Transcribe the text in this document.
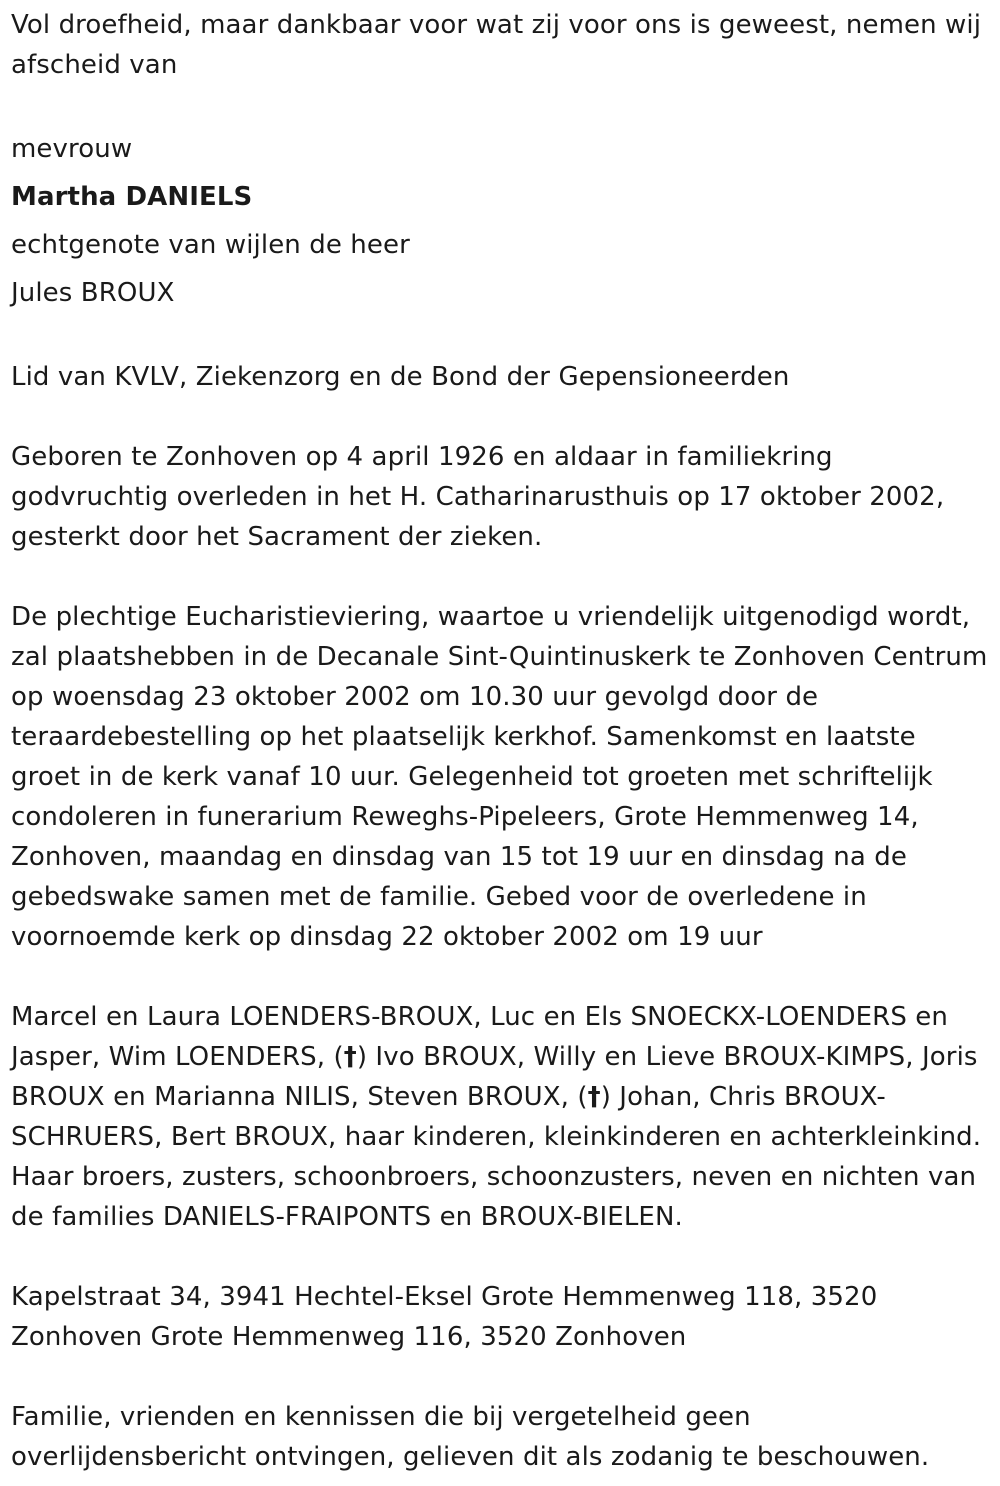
Vol droefheid, maar dankbaar voor wat zij voor ons is geweest, nemen wij afscheid van

mevrouw

Martha DANIELS

echtgenote van wijlen de heer

Jules BROUX

Lid van KVLV, Ziekenzorg en de Bond der Gepensioneerden

Geboren te Zonhoven op 4 april 1926 en aldaar in familiekring godvruchtig overleden in het H. Catharinarusthuis op 17 oktober 2002, gesterkt door het Sacrament der zieken.

De plechtige Eucharistieviering, waartoe u vriendelijk uitgenodigd wordt, zal plaatshebben in de Decanale Sint-Quintinuskerk te Zonhoven Centrum op woensdag 23 oktober 2002 om 10.30 uur gevolgd door de teraardebestelling op het plaatselijk kerkhof. Samenkomst en laatste groet in de kerk vanaf 10 uur. Gelegenheid tot groeten met schriftelijk condoleren in funerarium Reweghs-Pipeleers, Grote Hemmenweg 14, Zonhoven, maandag en dinsdag van 15 tot 19 uur en dinsdag na de gebedswake samen met de familie. Gebed voor de overledene in voornoemde kerk op dinsdag 22 oktober 2002 om 19 uur

Marcel en Laura LOENDERS-BROUX, Luc en Els SNOECKX-LOENDERS en Jasper, Wim LOENDERS, (†) Ivo BROUX, Willy en Lieve BROUX-KIMPS, Joris BROUX en Marianna NILIS, Steven BROUX, (†) Johan, Chris BROUX-SCHRUERS, Bert BROUX, haar kinderen, kleinkinderen en achterkleinkind. Haar broers, zusters, schoonbroers, schoonzusters, neven en nichten van de families DANIELS-FRAIPONTS en BROUX-BIELEN.

Kapelstraat 34, 3941 Hechtel-Eksel Grote Hemmenweg 118, 3520 Zonhoven Grote Hemmenweg 116, 3520 Zonhoven

Familie, vrienden en kennissen die bij vergetelheid geen overlijdensbericht ontvingen, gelieven dit als zodanig te beschouwen.
